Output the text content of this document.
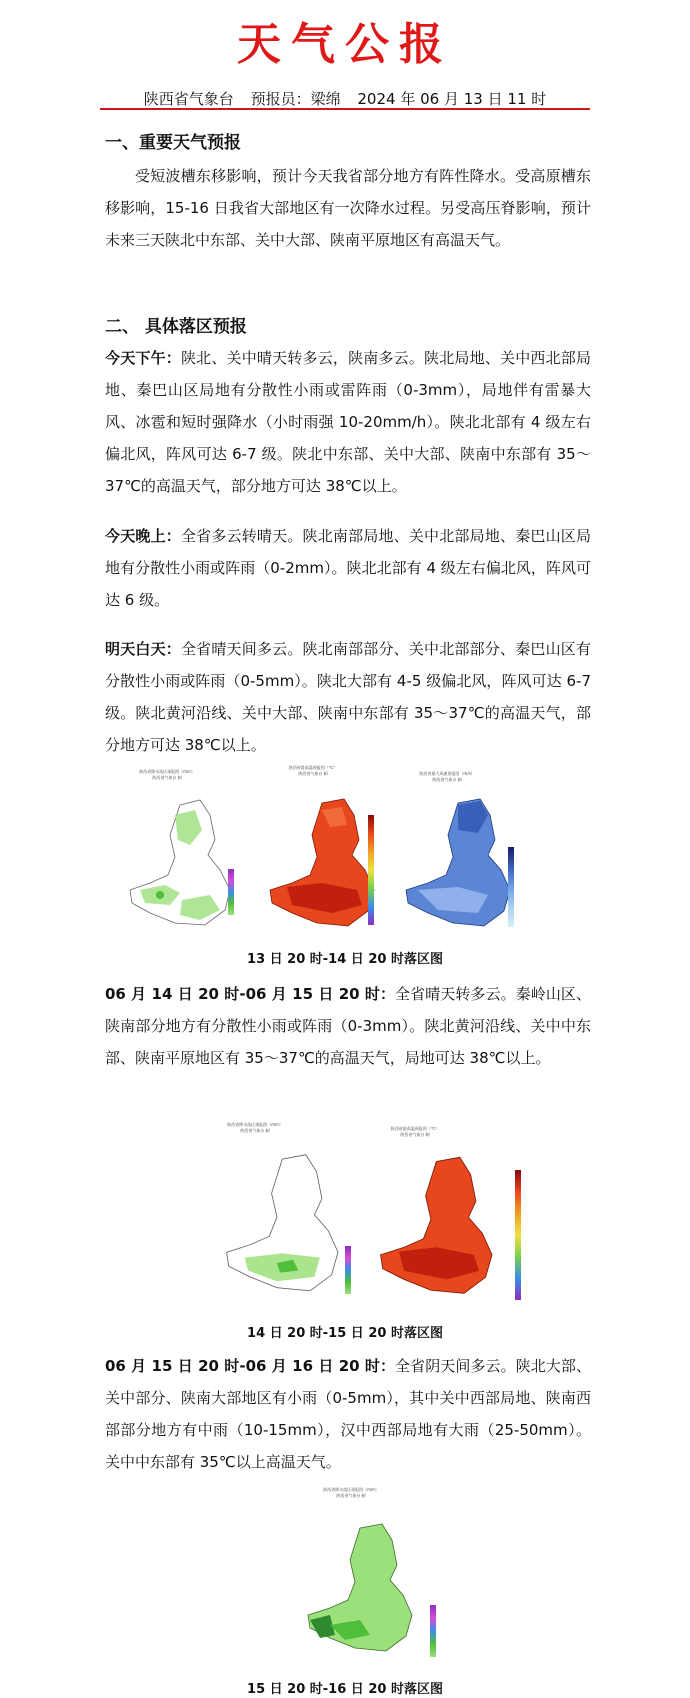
天气公报
陕西省气象台 预报员：梁绵 2024 年 06 月 13 日 11 时
一、重要天气预报
受短波槽东移影响，预计今天我省部分地方有阵性降水。受高原槽东移影响，15-16 日我省大部地区有一次降水过程。另受高压脊影响，预计未来三天陕北中东部、关中大部、陕南平原地区有高温天气。
二、 具体落区预报
今天下午：陕北、关中晴天转多云，陕南多云。陕北局地、关中西北部局地、秦巴山区局地有分散性小雨或雷阵雨（0-3mm），局地伴有雷暴大风、冰雹和短时强降水（小时雨强 10-20mm/h）。陕北北部有 4 级左右偏北风，阵风可达 6-7 级。陕北中东部、关中大部、陕南中东部有 35～37℃的高温天气，部分地方可达 38℃以上。
今天晚上：全省多云转晴天。陕北南部局地、关中北部局地、秦巴山区局地有分散性小雨或阵雨（0-2mm）。陕北北部有 4 级左右偏北风，阵风可达 6 级。
明天白天：全省晴天间多云。陕北南部部分、关中北部部分、秦巴山区有分散性小雨或阵雨（0-5mm）。陕北大部有 4-5 级偏北风，阵风可达 6-7 级。陕北黄河沿线、关中大部、陕南中东部有 35～37℃的高温天气，部分地方可达 38℃以上。
陕西省降水落区预报图（mm）
陕西省气象台 制
陕西省最高温预报图（℃）
陕西省气象台 制	陕西省最大风速预报图（m/s）
陕西省气象台 制
13 日 20 时-14 日 20 时落区图
06 月 14 日 20 时-06 月 15 日 20 时：全省晴天转多云。秦岭山区、陕南部分地方有分散性小雨或阵雨（0-3mm）。陕北黄河沿线、关中中东部、陕南平原地区有 35～37℃的高温天气，局地可达 38℃以上。
陕西省降水落区预报图（mm）
陕西省气象台 制	陕西省最高温预报图（℃）
陕西省气象台 制
14 日 20 时-15 日 20 时落区图
06 月 15 日 20 时-06 月 16 日 20 时：全省阴天间多云。陕北大部、关中部分、陕南大部地区有小雨（0-5mm），其中关中西部局地、陕南西部部分地方有中雨（10-15mm），汉中西部局地有大雨（25-50mm）。关中中东部有 35℃以上高温天气。
陕西省降水落区预报图（mm）
陕西省气象台 制
15 日 20 时-16 日 20 时落区图
